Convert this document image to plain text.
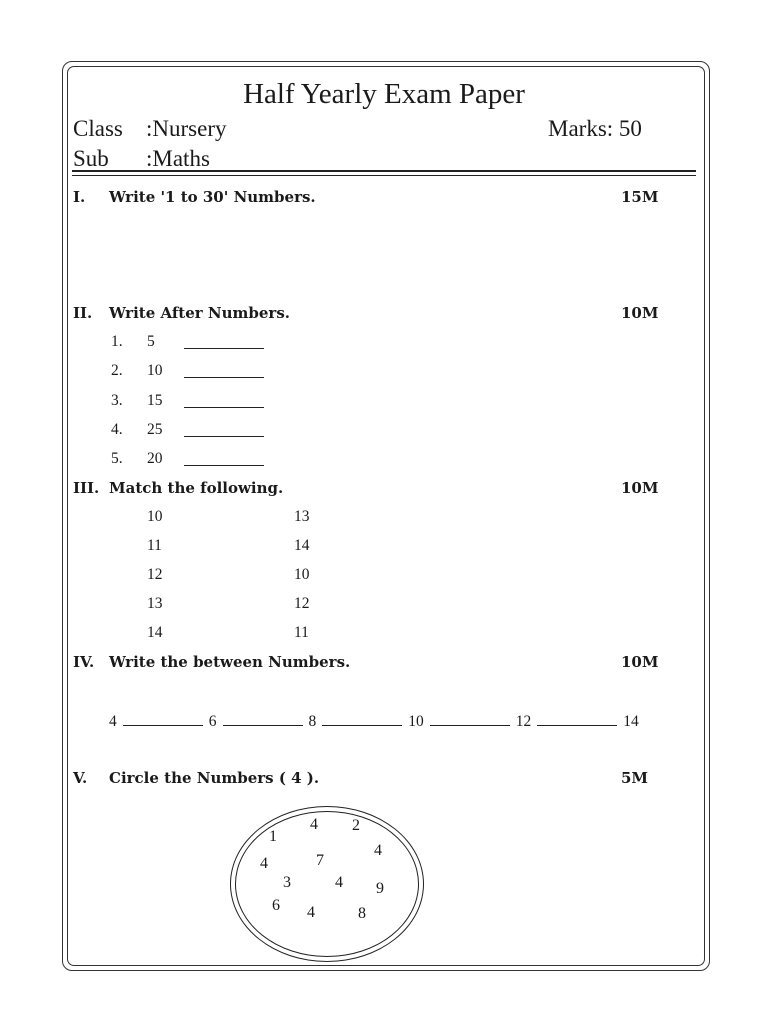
Half Yearly Exam Paper
Class :Nursery	Marks: 50
Sub :Maths
I. Write '1 to 30' Numbers.	15M
II. Write After Numbers.	10M
1. 5
2. 10
3. 15
4. 25
5. 20
III. Match the following.	10M
10	13
11	14
12	10
13	12
14	11
IV. Write the between Numbers.	10M
4	6	8	10	12	14
V. Circle the Numbers ( 4 ).	5M
1
4 2
4
4	7
3	4 9
6 4	8
